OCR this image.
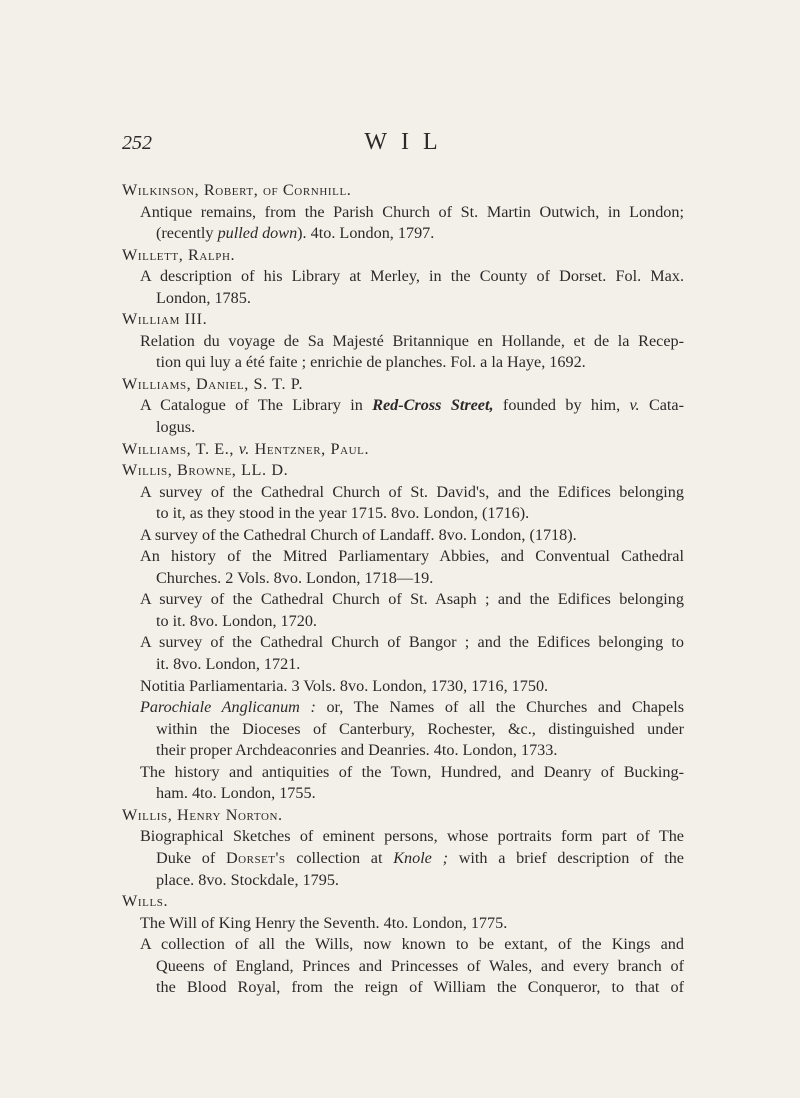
252	WIL

Wilkinson, Robert, of Cornhill.

Antique remains, from the Parish Church of St. Martin Outwich, in London;
(recently pulled down). 4to. London, 1797.

Willett, Ralph.

A description of his Library at Merley, in the County of Dorset. Fol. Max.
London, 1785.

William III.

Relation du voyage de Sa Majesté Britannique en Hollande, et de la Recep-
tion qui luy a été faite ; enrichie de planches. Fol. a la Haye, 1692.

Williams, Daniel, S. T. P.

A Catalogue of The Library in Red-Cross Street, founded by him, v. Cata-
logus.

Williams, T. E., v. Hentzner, Paul.

Willis, Browne, LL. D.

A survey of the Cathedral Church of St. David's, and the Edifices belonging
to it, as they stood in the year 1715. 8vo. London, (1716).
A survey of the Cathedral Church of Landaff. 8vo. London, (1718).
An history of the Mitred Parliamentary Abbies, and Conventual Cathedral
Churches. 2 Vols. 8vo. London, 1718—19.
A survey of the Cathedral Church of St. Asaph ; and the Edifices belonging
to it. 8vo. London, 1720.
A survey of the Cathedral Church of Bangor ; and the Edifices belonging to
it. 8vo. London, 1721.
Notitia Parliamentaria. 3 Vols. 8vo. London, 1730, 1716, 1750.
Parochiale Anglicanum : or, The Names of all the Churches and Chapels
within the Dioceses of Canterbury, Rochester, &c., distinguished under
their proper Archdeaconries and Deanries. 4to. London, 1733.
The history and antiquities of the Town, Hundred, and Deanry of Bucking-
ham. 4to. London, 1755.

Willis, Henry Norton.

Biographical Sketches of eminent persons, whose portraits form part of The
Duke of Dorset's collection at Knole ; with a brief description of the
place. 8vo. Stockdale, 1795.

Wills.

The Will of King Henry the Seventh. 4to. London, 1775.
A collection of all the Wills, now known to be extant, of the Kings and
Queens of England, Princes and Princesses of Wales, and every branch of
the Blood Royal, from the reign of William the Conqueror, to that of
